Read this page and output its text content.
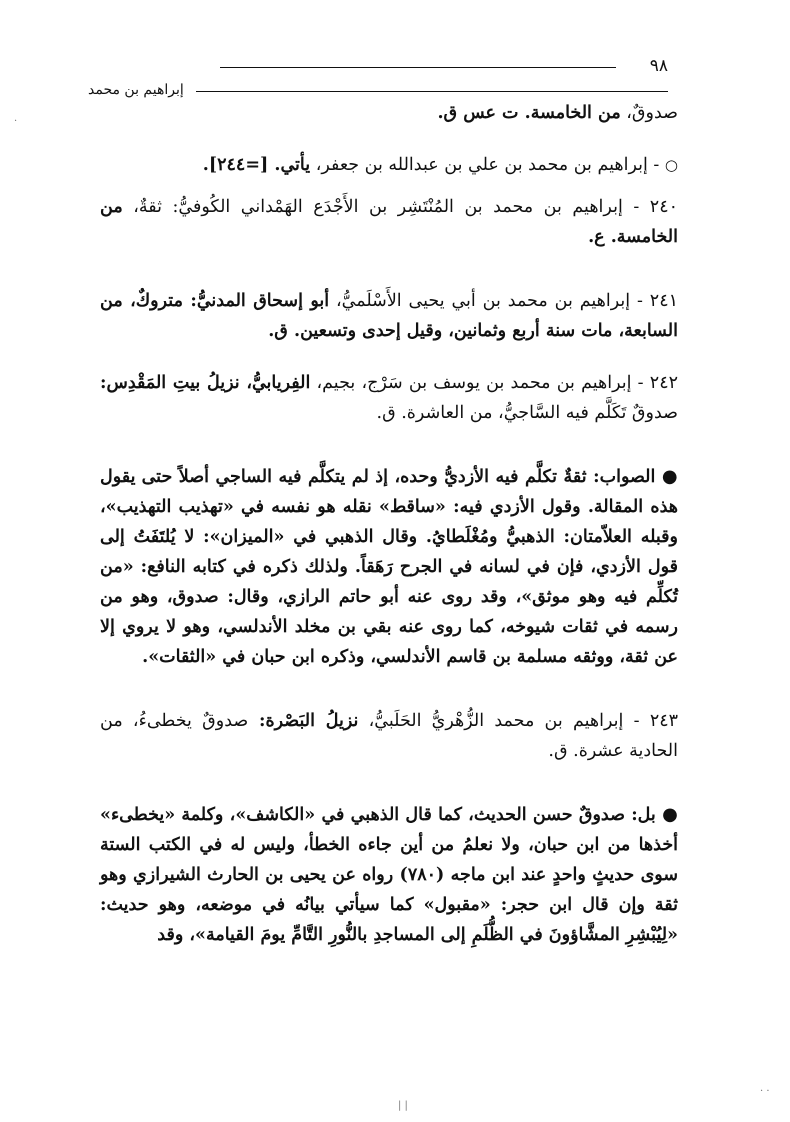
٩٨
إبراهيم بن محمد

صدوقٌ، من الخامسة. ت عس ق.

○ - إبراهيم بن محمد بن علي بن عبدالله بن جعفر، يأتي. [=٢٤٤].

٢٤٠ - إبراهيم بن محمد بن المُنْتَشِر بن الأَجْدَع الهَمْداني الكُوفيُّ: ثقةٌ، من الخامسة. ع.

٢٤١ - إبراهيم بن محمد بن أبي يحيى الأَسْلَميُّ، أبو إسحاق المدنيُّ: متروكٌ، من السابعة، مات سنة أربع وثمانين، وقيل إحدى وتسعين. ق.

٢٤٢ - إبراهيم بن محمد بن يوسف بن سَرْج، بجيم، الفِريابيُّ، نزيلُ بيتِ المَقْدِس: صدوقٌ تَكَلَّم فيه السَّاجيُّ، من العاشرة. ق.

● الصواب: ثقةٌ تكلَّم فيه الأزديُّ وحده، إذ لم يتكلَّم فيه الساجي أصلاً حتى يقول هذه المقالة. وقول الأزدي فيه: «ساقط» نقله هو نفسه في «تهذيب التهذيب»، وقبله العلاّمتان: الذهبيُّ ومُغْلَطايُ. وقال الذهبي في «الميزان»: لا يُلتَفَتُ إلى قول الأزدي، فإن في لسانه في الجرح رَهَقاً. ولذلك ذكره في كتابه النافع: «من تُكلِّم فيه وهو موثق»، وقد روى عنه أبو حاتم الرازي، وقال: صدوق، وهو من رسمه في ثقات شيوخه، كما روى عنه بقي بن مخلد الأندلسي، وهو لا يروي إلا عن ثقة، ووثقه مسلمة بن قاسم الأندلسي، وذكره ابن حبان في «الثقات».

٢٤٣ - إبراهيم بن محمد الزُّهْريُّ الحَلَبيُّ، نزيلُ البَصْرة: صدوقٌ يخطىءُ، من الحادية عشرة. ق.

● بل: صدوقٌ حسن الحديث، كما قال الذهبي في «الكاشف»، وكلمة «يخطىء» أخذها من ابن حبان، ولا نعلمُ من أين جاءه الخطأ، وليس له في الكتب الستة سوى حديثٍ واحدٍ عند ابن ماجه (٧٨٠) رواه عن يحيى بن الحارث الشيرازي وهو ثقة وإن قال ابن حجر: «مقبول» كما سيأتي بيانُه في موضعه، وهو حديث: «لِيُبْشِرِ المشَّاؤونَ في الظُّلَمِ إلى المساجدِ بالنُّورِ التَّامِّ يومَ القيامة»، وقد

·
· ·
| |
